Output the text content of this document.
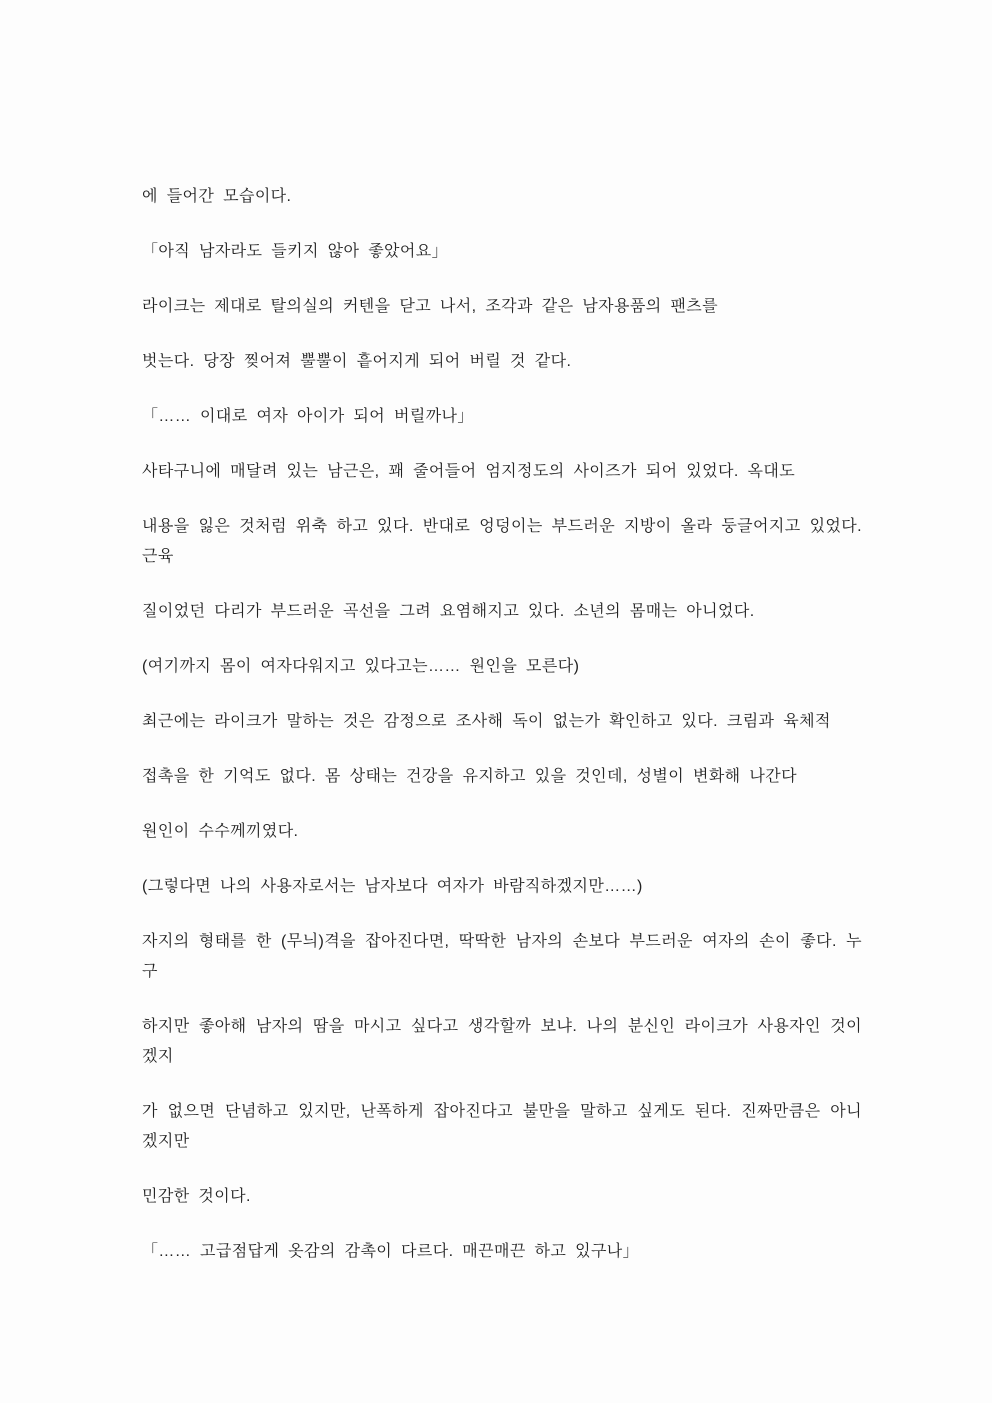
에 들어간 모습이다.

「아직 남자라도 들키지 않아 좋았어요」

라이크는 제대로 탈의실의 커텐을 닫고 나서, 조각과 같은 남자용품의 팬츠를

벗는다. 당장 찢어져 뿔뿔이 흩어지게 되어 버릴 것 같다.

「…… 이대로 여자 아이가 되어 버릴까나」

사타구니에 매달려 있는 남근은, 꽤 줄어들어 엄지정도의 사이즈가 되어 있었다. 옥대도

내용을 잃은 것처럼 위축 하고 있다. 반대로 엉덩이는 부드러운 지방이 올라 둥글어지고 있었다. 근육

질이었던 다리가 부드러운 곡선을 그려 요염해지고 있다. 소년의 몸매는 아니었다.

(여기까지 몸이 여자다워지고 있다고는…… 원인을 모른다)

최근에는 라이크가 말하는 것은 감정으로 조사해 독이 없는가 확인하고 있다. 크림과 육체적

접촉을 한 기억도 없다. 몸 상태는 건강을 유지하고 있을 것인데, 성별이 변화해 나간다

원인이 수수께끼였다.

(그렇다면 나의 사용자로서는 남자보다 여자가 바람직하겠지만……)

자지의 형태를 한 (무늬)격을 잡아진다면, 딱딱한 남자의 손보다 부드러운 여자의 손이 좋다. 누구

하지만 좋아해 남자의 땀을 마시고 싶다고 생각할까 보냐. 나의 분신인 라이크가 사용자인 것이겠지

가 없으면 단념하고 있지만, 난폭하게 잡아진다고 불만을 말하고 싶게도 된다. 진짜만큼은 아니겠지만

민감한 것이다.

「…… 고급점답게 옷감의 감촉이 다르다. 매끈매끈 하고 있구나」
